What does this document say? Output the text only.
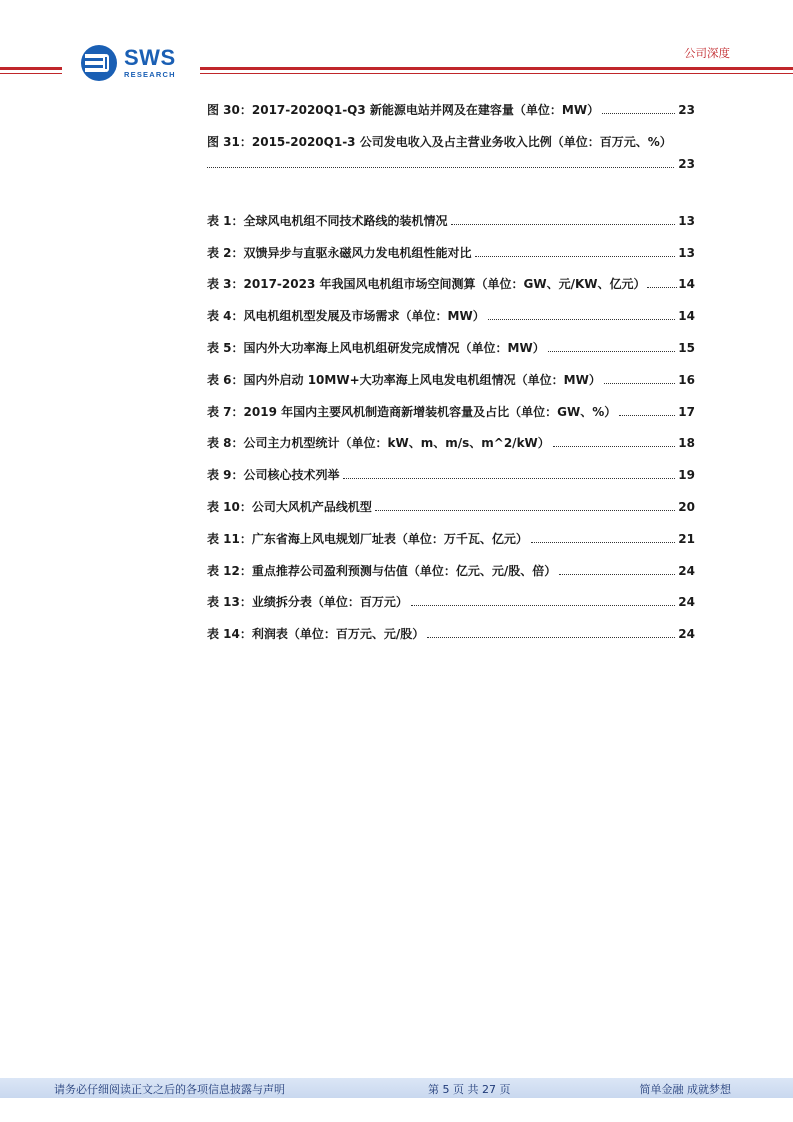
SWS
RESEARCH
公司深度
图 30：2017-2020Q1-Q3 新能源电站并网及在建容量（单位：MW）	23
图 31：2015-2020Q1-3 公司发电收入及占主营业务收入比例（单位：百万元、%）
23
表 1：全球风电机组不同技术路线的装机情况	13
表 2：双馈异步与直驱永磁风力发电机组性能对比	13
表 3：2017-2023 年我国风电机组市场空间测算（单位：GW、元/KW、亿元）	14
表 4：风电机组机型发展及市场需求（单位：MW）	14
表 5：国内外大功率海上风电机组研发完成情况（单位：MW）	15
表 6：国内外启动 10MW+大功率海上风电发电机组情况（单位：MW）	16
表 7：2019 年国内主要风机制造商新增装机容量及占比（单位：GW、%）	17
表 8：公司主力机型统计（单位：kW、m、m/s、m^2/kW）	18
表 9：公司核心技术列举	19
表 10：公司大风机产品线机型	20
表 11：广东省海上风电规划厂址表（单位：万千瓦、亿元）	21
表 12：重点推荐公司盈利预测与估值（单位：亿元、元/股、倍）	24
表 13：业绩拆分表（单位：百万元）	24
表 14：利润表（单位：百万元、元/股）	24
请务必仔细阅读正文之后的各项信息披露与声明	第 5 页 共 27 页	简单金融 成就梦想
